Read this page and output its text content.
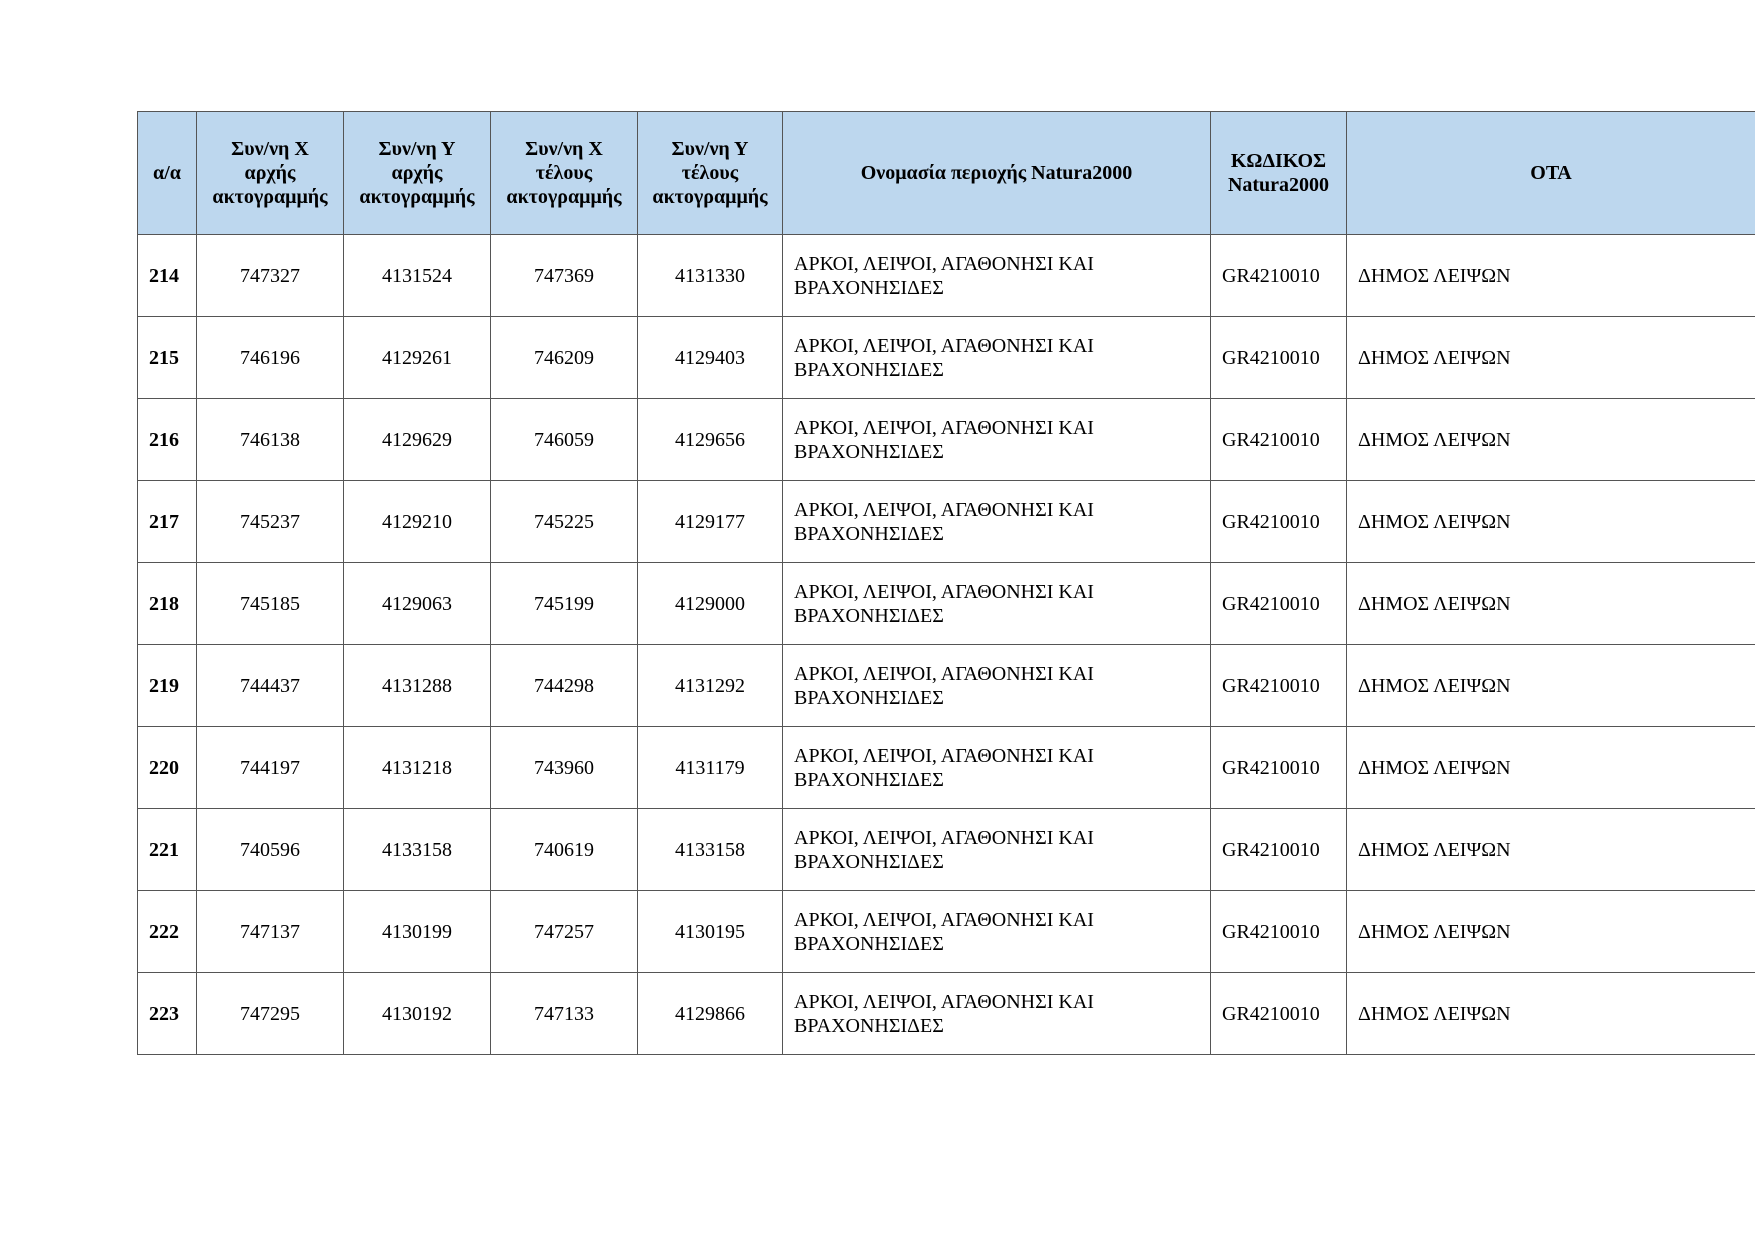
α/α	Συν/νη Χ
αρχής
ακτογραμμής	Συν/νη Υ
αρχής
ακτογραμμής	Συν/νη Χ
τέλους
ακτογραμμής	Συν/νη Υ
τέλους
ακτογραμμής	Ονομασία περιοχής Natura2000	ΚΩΔΙΚΟΣ
Natura2000	ΟΤΑ
214	747327	4131524	747369	4131330	ΑΡΚΟΙ, ΛΕΙΨΟΙ, ΑΓΑΘΟΝΗΣΙ ΚΑΙ ΒΡΑΧΟΝΗΣΙΔΕΣ	GR4210010	ΔΗΜΟΣ ΛΕΙΨΩΝ
215	746196	4129261	746209	4129403	ΑΡΚΟΙ, ΛΕΙΨΟΙ, ΑΓΑΘΟΝΗΣΙ ΚΑΙ ΒΡΑΧΟΝΗΣΙΔΕΣ	GR4210010	ΔΗΜΟΣ ΛΕΙΨΩΝ
216	746138	4129629	746059	4129656	ΑΡΚΟΙ, ΛΕΙΨΟΙ, ΑΓΑΘΟΝΗΣΙ ΚΑΙ ΒΡΑΧΟΝΗΣΙΔΕΣ	GR4210010	ΔΗΜΟΣ ΛΕΙΨΩΝ
217	745237	4129210	745225	4129177	ΑΡΚΟΙ, ΛΕΙΨΟΙ, ΑΓΑΘΟΝΗΣΙ ΚΑΙ ΒΡΑΧΟΝΗΣΙΔΕΣ	GR4210010	ΔΗΜΟΣ ΛΕΙΨΩΝ
218	745185	4129063	745199	4129000	ΑΡΚΟΙ, ΛΕΙΨΟΙ, ΑΓΑΘΟΝΗΣΙ ΚΑΙ ΒΡΑΧΟΝΗΣΙΔΕΣ	GR4210010	ΔΗΜΟΣ ΛΕΙΨΩΝ
219	744437	4131288	744298	4131292	ΑΡΚΟΙ, ΛΕΙΨΟΙ, ΑΓΑΘΟΝΗΣΙ ΚΑΙ ΒΡΑΧΟΝΗΣΙΔΕΣ	GR4210010	ΔΗΜΟΣ ΛΕΙΨΩΝ
220	744197	4131218	743960	4131179	ΑΡΚΟΙ, ΛΕΙΨΟΙ, ΑΓΑΘΟΝΗΣΙ ΚΑΙ ΒΡΑΧΟΝΗΣΙΔΕΣ	GR4210010	ΔΗΜΟΣ ΛΕΙΨΩΝ
221	740596	4133158	740619	4133158	ΑΡΚΟΙ, ΛΕΙΨΟΙ, ΑΓΑΘΟΝΗΣΙ ΚΑΙ ΒΡΑΧΟΝΗΣΙΔΕΣ	GR4210010	ΔΗΜΟΣ ΛΕΙΨΩΝ
222	747137	4130199	747257	4130195	ΑΡΚΟΙ, ΛΕΙΨΟΙ, ΑΓΑΘΟΝΗΣΙ ΚΑΙ ΒΡΑΧΟΝΗΣΙΔΕΣ	GR4210010	ΔΗΜΟΣ ΛΕΙΨΩΝ
223	747295	4130192	747133	4129866	ΑΡΚΟΙ, ΛΕΙΨΟΙ, ΑΓΑΘΟΝΗΣΙ ΚΑΙ ΒΡΑΧΟΝΗΣΙΔΕΣ	GR4210010	ΔΗΜΟΣ ΛΕΙΨΩΝ
